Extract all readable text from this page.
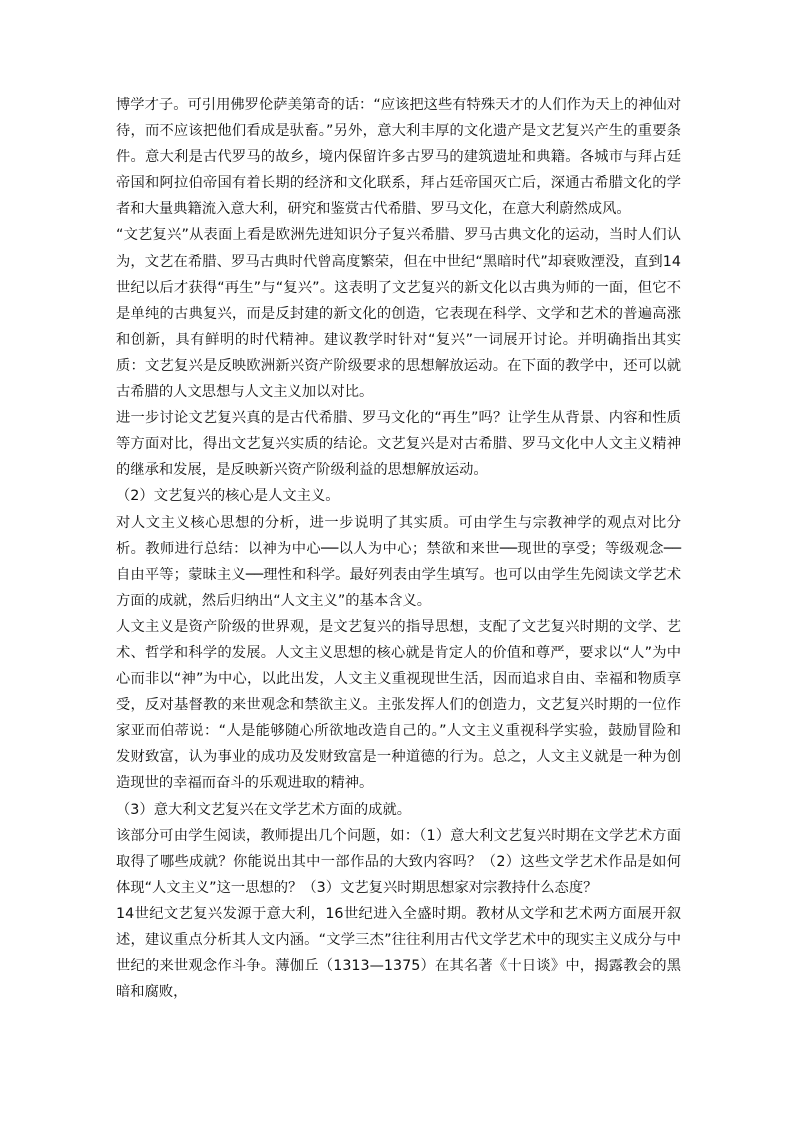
博学才子。可引用佛罗伦萨美第奇的话：“应该把这些有特殊天才的人们作为天上的神仙对待，而不应该把他们看成是驮畜。”另外，意大利丰厚的文化遗产是文艺复兴产生的重要条件。意大利是古代罗马的故乡，境内保留许多古罗马的建筑遗址和典籍。各城市与拜占廷帝国和阿拉伯帝国有着长期的经济和文化联系，拜占廷帝国灭亡后，深通古希腊文化的学者和大量典籍流入意大利，研究和鉴赏古代希腊、罗马文化，在意大利蔚然成风。

“文艺复兴”从表面上看是欧洲先进知识分子复兴希腊、罗马古典文化的运动，当时人们认为，文艺在希腊、罗马古典时代曾高度繁荣，但在中世纪“黑暗时代”却衰败湮没，直到14世纪以后才获得“再生”与“复兴”。这表明了文艺复兴的新文化以古典为师的一面，但它不是单纯的古典复兴，而是反封建的新文化的创造，它表现在科学、文学和艺术的普遍高涨和创新，具有鲜明的时代精神。建议教学时针对“复兴”一词展开讨论。并明确指出其实质：文艺复兴是反映欧洲新兴资产阶级要求的思想解放运动。在下面的教学中，还可以就古希腊的人文思想与人文主义加以对比。

进一步讨论文艺复兴真的是古代希腊、罗马文化的“再生”吗？让学生从背景、内容和性质等方面对比，得出文艺复兴实质的结论。文艺复兴是对古希腊、罗马文化中人文主义精神的继承和发展，是反映新兴资产阶级利益的思想解放运动。

（2）文艺复兴的核心是人文主义。

对人文主义核心思想的分析，进一步说明了其实质。可由学生与宗教神学的观点对比分析。教师进行总结：以神为中心──以人为中心；禁欲和来世──现世的享受；等级观念──自由平等；蒙昧主义──理性和科学。最好列表由学生填写。也可以由学生先阅读文学艺术方面的成就，然后归纳出“人文主义”的基本含义。

人文主义是资产阶级的世界观，是文艺复兴的指导思想，支配了文艺复兴时期的文学、艺术、哲学和科学的发展。人文主义思想的核心就是肯定人的价值和尊严，要求以“人”为中心而非以“神”为中心，以此出发，人文主义重视现世生活，因而追求自由、幸福和物质享受，反对基督教的来世观念和禁欲主义。主张发挥人们的创造力，文艺复兴时期的一位作家亚而伯蒂说：“人是能够随心所欲地改造自己的。”人文主义重视科学实验，鼓励冒险和发财致富，认为事业的成功及发财致富是一种道德的行为。总之，人文主义就是一种为创造现世的幸福而奋斗的乐观进取的精神。

（3）意大利文艺复兴在文学艺术方面的成就。

该部分可由学生阅读，教师提出几个问题，如：（1）意大利文艺复兴时期在文学艺术方面取得了哪些成就？你能说出其中一部作品的大致内容吗？（2）这些文学艺术作品是如何体现“人文主义”这一思想的？（3）文艺复兴时期思想家对宗教持什么态度？

14世纪文艺复兴发源于意大利，16世纪进入全盛时期。教材从文学和艺术两方面展开叙述，建议重点分析其人文内涵。“文学三杰”往往利用古代文学艺术中的现实主义成分与中世纪的来世观念作斗争。薄伽丘（1313—1375）在其名著《十日谈》中，揭露教会的黑暗和腐败，
